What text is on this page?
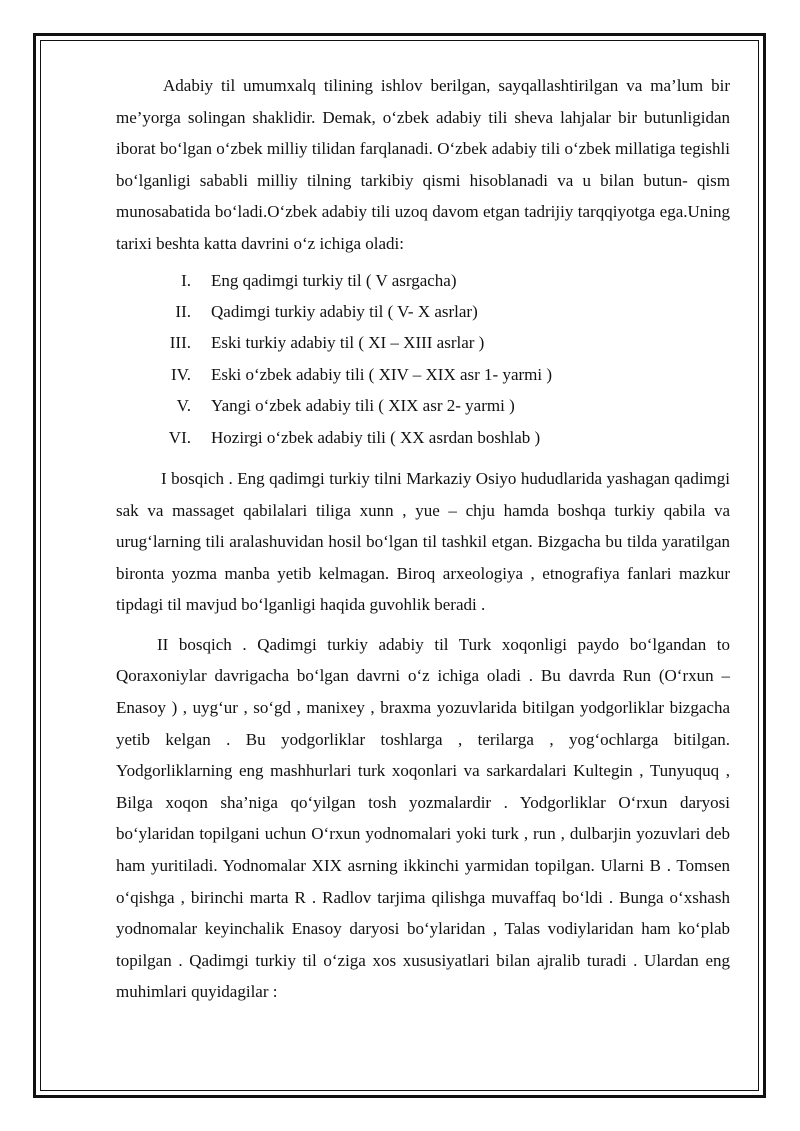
Adabiy til umumxalq tilining ishlov berilgan, sayqallashtirilgan va ma’lum bir me’yorga solingan shaklidir. Demak, o‘zbek adabiy tili sheva lahjalar bir butunligidan iborat bo‘lgan o‘zbek milliy tilidan farqlanadi. O‘zbek adabiy tili o‘zbek millatiga tegishli bo‘lganligi sababli milliy tilning tarkibiy qismi hisoblanadi va u bilan butun- qism munosabatida bo‘ladi.O‘zbek adabiy tili uzoq davom etgan tadrijiy tarqqiyotga ega.Uning tarixi beshta katta davrini o‘z ichiga oladi:

I.	Eng qadimgi turkiy til ( V asrgacha)
II.	Qadimgi turkiy adabiy til ( V- X asrlar)
III.	Eski turkiy adabiy til ( XI – XIII asrlar )
IV.	Eski o‘zbek adabiy tili ( XIV – XIX asr 1- yarmi )
V.	Yangi o‘zbek adabiy tili ( XIX asr 2- yarmi )
VI.	Hozirgi o‘zbek adabiy tili ( XX asrdan boshlab )

I bosqich . Eng qadimgi turkiy tilni Markaziy Osiyo hududlarida yashagan qadimgi sak va massaget qabilalari tiliga xunn , yue – chju hamda boshqa turkiy qabila va urug‘larning tili aralashuvidan hosil bo‘lgan til tashkil etgan. Bizgacha bu tilda yaratilgan bironta yozma manba yetib kelmagan. Biroq arxeologiya , etnografiya fanlari mazkur tipdagi til mavjud bo‘lganligi haqida guvohlik beradi .

II bosqich . Qadimgi turkiy adabiy til Turk xoqonligi paydo bo‘lgandan to Qoraxoniylar davrigacha bo‘lgan davrni o‘z ichiga oladi . Bu davrda Run (O‘rxun – Enasoy ) , uyg‘ur , so‘gd , manixey , braxma yozuvlarida bitilgan yodgorliklar bizgacha yetib kelgan . Bu yodgorliklar toshlarga , terilarga , yog‘ochlarga bitilgan. Yodgorliklarning eng mashhurlari turk xoqonlari va sarkardalari Kultegin , Tunyuquq , Bilga xoqon sha’niga qo‘yilgan tosh yozmalardir . Yodgorliklar O‘rxun daryosi bo‘ylaridan topilgani uchun O‘rxun yodnomalari yoki turk , run , dulbarjin yozuvlari deb ham yuritiladi. Yodnomalar XIX asrning ikkinchi yarmidan topilgan. Ularni B . Tomsen o‘qishga , birinchi marta R . Radlov tarjima qilishga muvaffaq bo‘ldi . Bunga o‘xshash yodnomalar keyinchalik Enasoy daryosi bo‘ylaridan , Talas vodiylaridan ham ko‘plab topilgan . Qadimgi turkiy til o‘ziga xos xususiyatlari bilan ajralib turadi . Ulardan eng muhimlari quyidagilar :
